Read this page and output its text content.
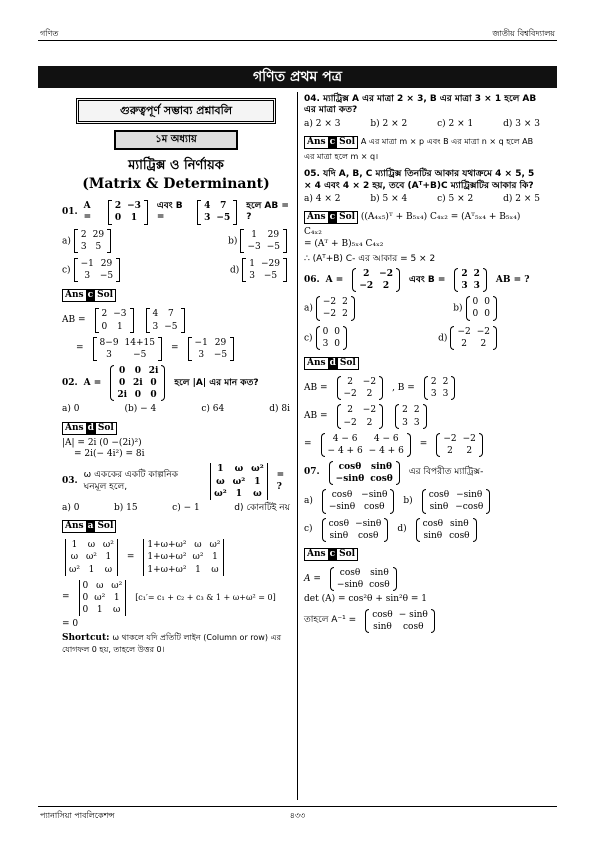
গণিত	জাতীয় বিশ্ববিদ্যালয়
গণিত প্রথম পত্র
গুরুত্বপূর্ণ সম্ভাব্য প্রশ্নাবলি
১ম অধ্যায়
ম্যাট্রিক্স ও নির্ণায়ক
(Matrix & Determinant)
01.
A =
2	−3
0	1
এবং B =
4	7
3	−5
হলে AB = ?
a)
2	29
3	5
b)
1	29
−3	−5
c)
−1	29
3	−5
d)
1	−29
3	−5
Ans c Sol
AB =
2	−3
0	1
4	7
3	−5
=
8−9	14+15
3	−5
=
−1	29
3	−5
02. A =
0	0	2i
0	2i	0
2i	0	0
হলে |A| এর মান কত?
a) 0	(b) − 4	c) 64	d) 8i
Ans d Sol
|A| = 2i (0 −(2i)²)
= 2i(− 4i²) = 8i
03.
ω এককের একটি কাল্পনিক ঘনমূল হলে,
1	ω	ω²
ω	ω²	1
ω²	1	ω
= ?
a) 0	b) 15	c) − 1	d) কোনটিই নয়
Ans a Sol
1	ω	ω²
ω	ω²	1
ω²	1	ω
=
1+ω+ω²	ω	ω²
1+ω+ω²	ω²	1
1+ω+ω²	1	ω
=
0	ω	ω²
0	ω²	1
0	1	ω
[c₁′= c₁ + c₂ + c₃ & 1 + ω+ω² = 0]
= 0
Shortcut: ω থাকলে যদি প্রতিটি লাইন (Column or row) এর যোগফল 0 হয়, তাহলে উত্তর 0।
04. ম্যাট্রিক্স A এর মাত্রা 2 × 3, B এর মাত্রা 3 × 1 হলে AB এর মাত্রা কত?
a) 2 × 3	b) 2 × 2	c) 2 × 1	d) 3 × 3
Ans c Sol A এর মাত্রা m × p এবং B এর মাত্রা n × q হলে AB এর মাত্রা হলে m × q।
05. যদি A, B, C ম্যাট্রিক্স তিনটির আকার যথাক্রমে 4 × 5, 5 × 4 এবং 4 × 2 হয়, তবে (Aᵀ+B)C ম্যাট্রিক্সটির আকার কি?
a) 4 × 2	b) 5 × 4	c) 5 × 2	d) 2 × 5
Ans c Sol ((A₄ₓ₅)ᵀ + B₅ₓ₄) C₄ₓ₂ = (Aᵀ₅ₓ₄ + B₅ₓ₄)
C₄ₓ₂
= (Aᵀ + B)₅ₓ₄ C₄ₓ₂
∴ (Aᵀ+B) C- এর আকার = 5 × 2
06. A =
2	−2
−2	2
এবং B =
2	2
3	3
AB = ?
a)
−2	2
−2	2
b)
0	0
0	0
c)
0	0
3	0
d)
−2	−2
2	2
Ans d Sol
AB =
2	−2
−2	2
, B =
2	2
3	3
AB =
2	−2
−2	2
2	2
3	3
=
4 − 6	4 − 6
− 4 + 6	− 4 + 6
=
−2	−2
2	2
07.
cosθ	sinθ
−sinθ	cosθ
এর বিপরীত ম্যাট্রিক্স-
a)
cosθ	−sinθ
−sinθ	cosθ
b)
cosθ	−sinθ
sinθ	−cosθ
c)
cosθ	−sinθ
sinθ	cosθ
d)
cosθ	sinθ
sinθ	cosθ
Ans c Sol
A =
cosθ	sinθ
−sinθ	cosθ
det (A) = cos²θ + sin²θ = 1
তাহলে A⁻¹ =
cosθ	− sinθ
sinθ	cosθ
প্যানাসিয়া পাবলিকেশন্স	৪৩৩
